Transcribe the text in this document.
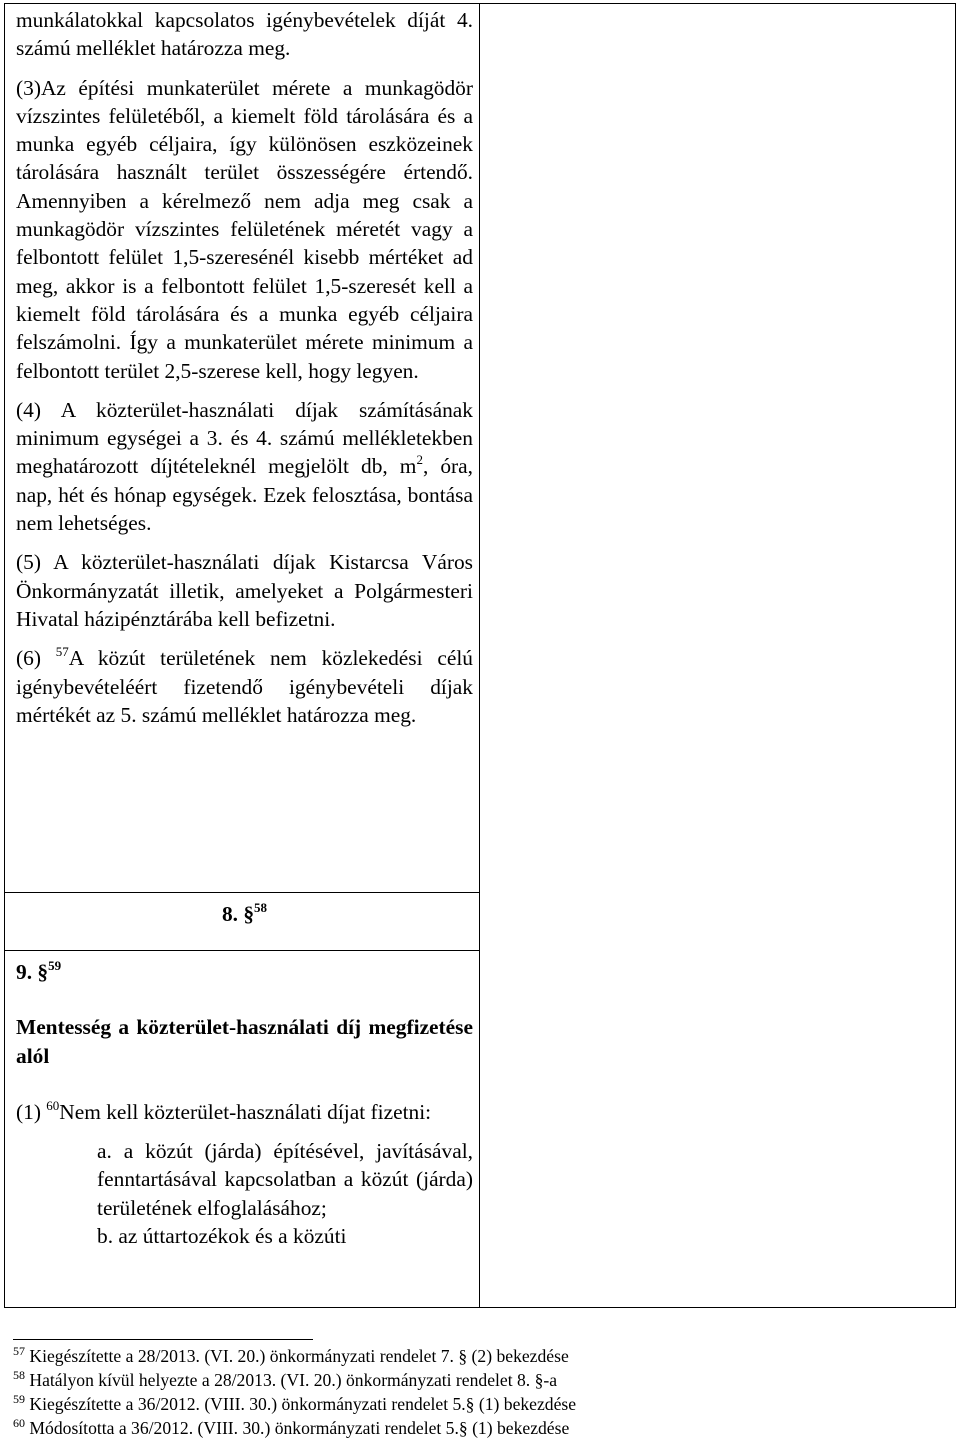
munkálatokkal kapcsolatos igénybevételek díját 4. számú melléklet határozza meg.

(3)Az építési munkaterület mérete a munkagödör vízszintes felületéből, a kiemelt föld tárolására és a munka egyéb céljaira, így különösen eszközeinek tárolására használt terület összességére értendő. Amennyiben a kérelmező nem adja meg csak a munkagödör vízszintes felületének méretét vagy a felbontott felület 1,5-szeresénél kisebb mértéket ad meg, akkor is a felbontott felület 1,5-szeresét kell a kiemelt föld tárolására és a munka egyéb céljaira felszámolni. Így a munkaterület mérete minimum a felbontott terület 2,5-szerese kell, hogy legyen.

(4) A közterület-használati díjak számításának minimum egységei a 3. és 4. számú mellékletekben meghatározott díjtételeknél megjelölt db, $m^2$, óra, nap, hét és hónap egységek. Ezek felosztása, bontása nem lehetséges.

(5) A közterület-használati díjak Kistarcsa Város Önkormányzatát illetik, amelyeket a Polgármesteri Hivatal házipénztárába kell befizetni.

(6) $^{57}$A közút területének nem közlekedési célú igénybevételéért fizetendő igénybevételi díjak mértékét az 5. számú melléklet határozza meg.

8. §$^{58}$

9. §$^{59}$

Mentesség a közterület-használati díj megfizetése alól

(1) $^{60}$Nem kell közterület-használati díjat fizetni:

a. a közút (járda) építésével, javításával, fenntartásával kapcsolatban a közút (járda) területének elfoglalásához;

b. az úttartozékok és a közúti

$^{57}$ Kiegészítette a 28/2013. (VI. 20.) önkormányzati rendelet 7. § (2) bekezdése

$^{58}$ Hatályon kívül helyezte a 28/2013. (VI. 20.) önkormányzati rendelet 8. §-a

$^{59}$ Kiegészítette a 36/2012. (VIII. 30.) önkormányzati rendelet 5.§ (1) bekezdése

$^{60}$ Módosította a 36/2012. (VIII. 30.) önkormányzati rendelet 5.§ (1) bekezdése
